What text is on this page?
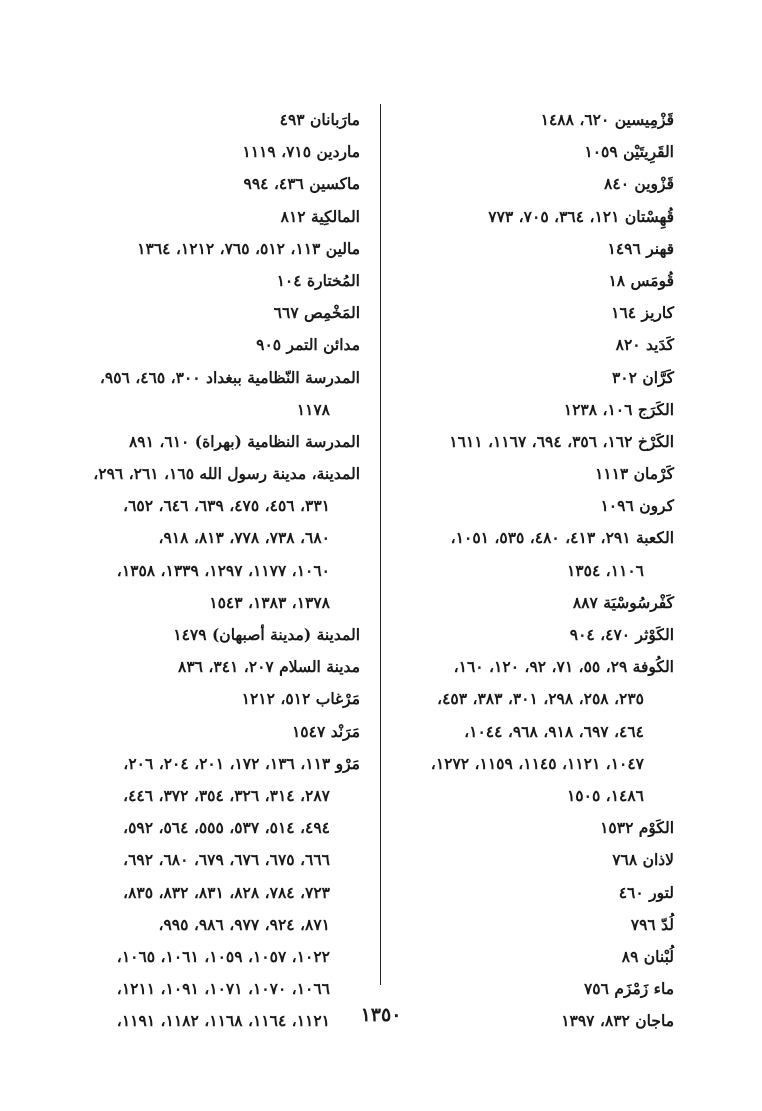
قَزْمِيسين ٦٢٠، ١٤٨٨
القَرِيتَيْن ١٠٥٩
قَزْوين ٨٤٠
قُهِسْتان ١٢١، ٣٦٤، ٧٠٥، ٧٧٣
قهنر ١٤٩٦
قُومَس ١٨
كاريز ١٦٤
كَدَيد ٨٢٠
كَرَّان ٣٠٢
الكَرَج ١٠٦، ١٢٣٨
الكَرْخ ١٦٢، ٣٥٦، ٦٩٤، ١١٦٧، ١٦١١
كَرْمان ١١١٣
كرون ١٠٩٦
الكعبة ٢٩١، ٤١٣، ٤٨٠، ٥٣٥، ١٠٥١،
١١٠٦، ١٣٥٤
كَفْرسُوسْيَة ٨٨٧
الكَوْثر ٤٧٠، ٩٠٤
الكُوفة ٢٩، ٥٥، ٧١، ٩٢، ١٢٠، ١٦٠،
٢٣٥، ٢٥٨، ٢٩٨، ٣٠١، ٣٨٣، ٤٥٣،
٤٦٤، ٦٩٧، ٩١٨، ٩٦٨، ١٠٤٤،
١٠٤٧، ١١٢١، ١١٤٥، ١١٥٩، ١٢٧٢،
١٤٨٦، ١٥٠٥
الكَوْم ١٥٣٢
لاذان ٧٦٨
لتور ٤٦٠
لُدّ ٧٩٦
لُبْنان ٨٩
ماء زَمْزَم ٧٥٦
ماجان ٨٣٢، ١٣٩٧
مارَبانان ٤٩٣
ماردين ٧١٥، ١١١٩
ماكسين ٤٣٦، ٩٩٤
المالكِية ٨١٢
مالين ١١٣، ٥١٢، ٧٦٥، ١٢١٢، ١٣٦٤
المُختارة ١٠٤
المَخْمِص ٦٦٧
مدائن التمر ٩٠٥
المدرسة النّظامية ببغداد ٣٠٠، ٤٦٥، ٩٥٦،
١١٧٨
المدرسة النظامية (بهراة) ٦١٠، ٨٩١
المدينة، مدينة رسول الله ١٦٥، ٢٦١، ٢٩٦،
٣٣١، ٤٥٦، ٤٧٥، ٦٣٩، ٦٤٦، ٦٥٢،
٦٨٠، ٧٣٨، ٧٧٨، ٨١٣، ٩١٨،
١٠٦٠، ١١٧٧، ١٢٩٧، ١٣٣٩، ١٣٥٨،
١٣٧٨، ١٣٨٣، ١٥٤٣
المدينة (مدينة أصبهان) ١٤٧٩
مدينة السلام ٢٠٧، ٣٤١، ٨٣٦
مَرْغاب ٥١٢، ١٢١٢
مَرَنْد ١٥٤٧
مَرْو ١١٣، ١٣٦، ١٧٢، ٢٠١، ٢٠٤، ٢٠٦،
٢٨٧، ٣١٤، ٣٢٦، ٣٥٤، ٣٧٢، ٤٤٦،
٤٩٤، ٥١٤، ٥٣٧، ٥٥٥، ٥٦٤، ٥٩٢،
٦٦٦، ٦٧٥، ٦٧٦، ٦٧٩، ٦٨٠، ٦٩٢،
٧٢٣، ٧٨٤، ٨٢٨، ٨٣١، ٨٣٢، ٨٣٥،
٨٧١، ٩٢٤، ٩٧٧، ٩٨٦، ٩٩٥،
١٠٢٢، ١٠٥٧، ١٠٥٩، ١٠٦١، ١٠٦٥،
١٠٦٦، ١٠٧٠، ١٠٧١، ١٠٩١، ١٢١١،
١١٢١، ١١٦٤، ١١٦٨، ١١٨٢، ١١٩١،	١٣٥٠
